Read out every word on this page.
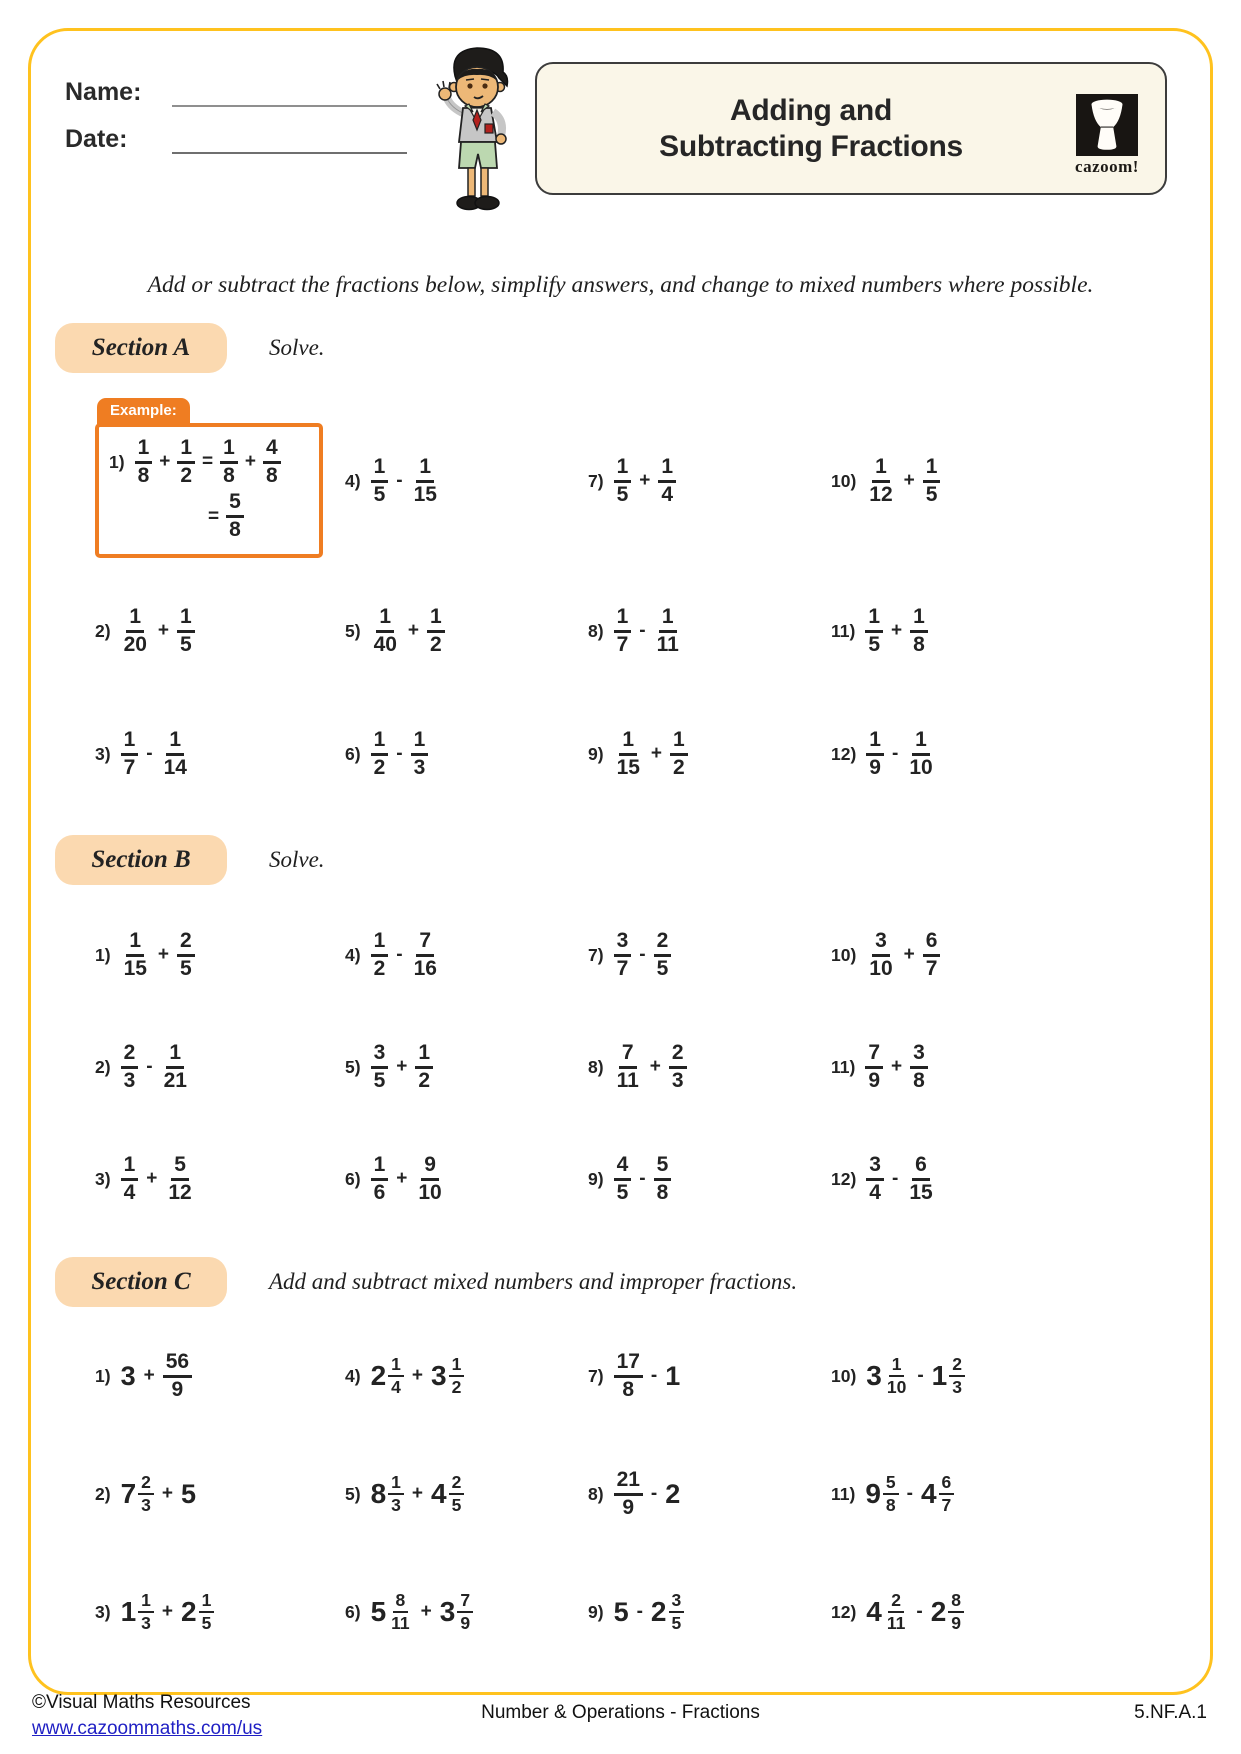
Name:
Date:
Adding and
Subtracting Fractions
cazoom!

Add or subtract the fractions below, simplify answers, and change to mixed numbers where possible.

Section A	Solve.
Example:
$1) \frac{1}{8} + \frac{1}{2} = \frac{1}{8} + \frac{4}{8}$
= $\frac{5}{8}$
$2) \frac{1}{20} + \frac{1}{5}$
$3) \frac{1}{7} - \frac{1}{14}$
$4) \frac{1}{5} - \frac{1}{15}$
$5) \frac{1}{40} + \frac{1}{2}$
$6) \frac{1}{2} - \frac{1}{3}$
$7) \frac{1}{5} + \frac{1}{4}$
$8) \frac{1}{7} - \frac{1}{11}$
$9) \frac{1}{15} + \frac{1}{2}$
$10) \frac{1}{12} + \frac{1}{5}$
$11) \frac{1}{5} + \frac{1}{8}$
$12) \frac{1}{9} - \frac{1}{10}$
Section B	Solve.
$1) \frac{1}{15} + \frac{2}{5}$
$2) \frac{2}{3} - \frac{1}{21}$
$3) \frac{1}{4} + \frac{5}{12}$
$4) \frac{1}{2} - \frac{7}{16}$
$5) \frac{3}{5} + \frac{1}{2}$
$6) \frac{1}{6} + \frac{9}{10}$
$7) \frac{3}{7} - \frac{2}{5}$
$8) \frac{7}{11} + \frac{2}{3}$
$9) \frac{4}{5} - \frac{5}{8}$
$10) \frac{3}{10} + \frac{6}{7}$
$11) \frac{7}{9} + \frac{3}{8}$
$12) \frac{3}{4} - \frac{6}{15}$
Section C	Add and subtract mixed numbers and improper fractions.
1) $3 + \frac{56}{9}$
2) $7 \frac{2}{3} + 5$
3) $1 \frac{1}{3} + 2 \frac{1}{5}$
4) $2 \frac{1}{4} + 3 \frac{1}{2}$
5) $8 \frac{1}{3} + 4 \frac{2}{5}$
6) $5 \frac{8}{11} + 3 \frac{7}{9}$
$7) \frac{17}{8} - 1$
$8) \frac{21}{9} - 2$
9) $5 - 2 \frac{3}{5}$
10) $3 \frac{1}{10} - 1 \frac{2}{3}$
11) $9 \frac{5}{8} - 4 \frac{6}{7}$
12) $4 \frac{2}{11} - 2 \frac{8}{9}$
©Visual Maths Resources
www.cazoommaths.com/us
Number & Operations - Fractions	5.NF.A.1
